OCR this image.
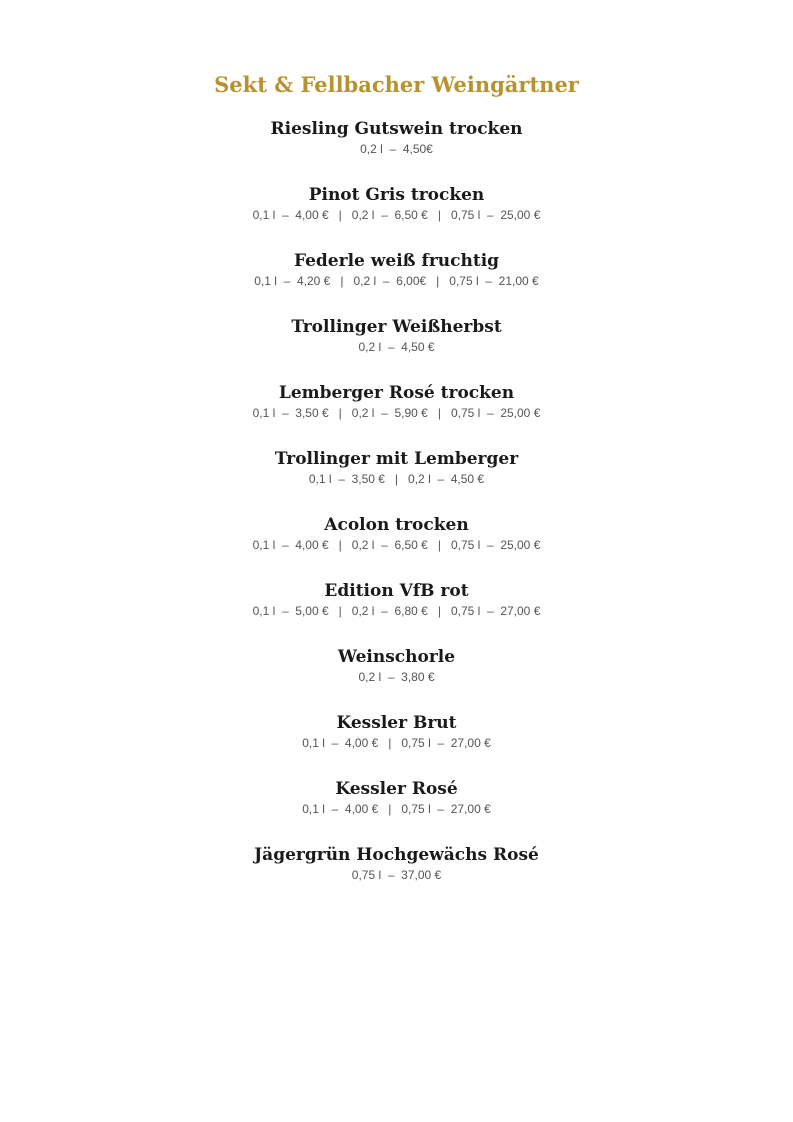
Sekt & Fellbacher Weingärtner

Riesling Gutswein trocken

0,2 l  –  4,50€

Pinot Gris trocken

0,1 l  –  4,00 €   |   0,2 l  –  6,50 €   |   0,75 l  –  25,00 €

Federle weiß fruchtig

0,1 l  –  4,20 €   |   0,2 l  –  6,00€   |   0,75 l  –  21,00 €

Trollinger Weißherbst

0,2 l  –  4,50 €

Lemberger Rosé trocken

0,1 l  –  3,50 €   |   0,2 l  –  5,90 €   |   0,75 l  –  25,00 €

Trollinger mit Lemberger

0,1 l  –  3,50 €   |   0,2 l  –  4,50 €

Acolon trocken

0,1 l  –  4,00 €   |   0,2 l  –  6,50 €   |   0,75 l  –  25,00 €

Edition VfB rot

0,1 l  –  5,00 €   |   0,2 l  –  6,80 €   |   0,75 l  –  27,00 €

Weinschorle

0,2 l  –  3,80 €

Kessler Brut

0,1 l  –  4,00 €   |   0,75 l  –  27,00 €

Kessler Rosé

0,1 l  –  4,00 €   |   0,75 l  –  27,00 €

Jägergrün Hochgewächs Rosé

0,75 l  –  37,00 €
